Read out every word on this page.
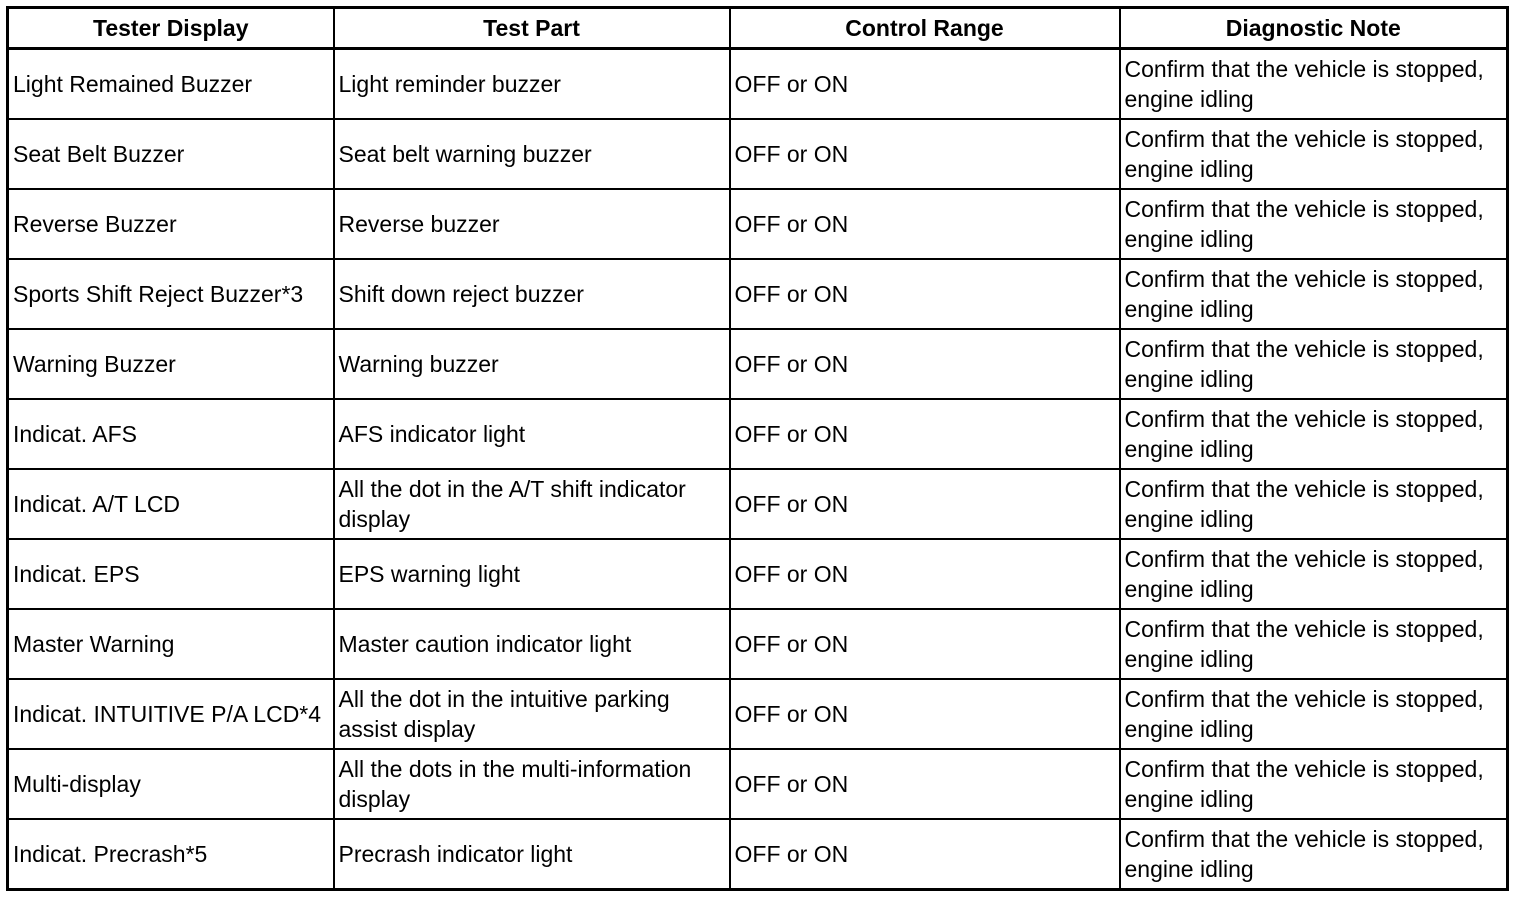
Tester Display	Test Part	Control Range	Diagnostic Note
Light Remained Buzzer	Light reminder buzzer	OFF or ON	Confirm that the vehicle is stopped, engine idling
Seat Belt Buzzer	Seat belt warning buzzer	OFF or ON	Confirm that the vehicle is stopped, engine idling
Reverse Buzzer	Reverse buzzer	OFF or ON	Confirm that the vehicle is stopped, engine idling
Sports Shift Reject Buzzer*3	Shift down reject buzzer	OFF or ON	Confirm that the vehicle is stopped, engine idling
Warning Buzzer	Warning buzzer	OFF or ON	Confirm that the vehicle is stopped, engine idling
Indicat. AFS	AFS indicator light	OFF or ON	Confirm that the vehicle is stopped, engine idling
Indicat. A/T LCD	All the dot in the A/T shift indicator display	OFF or ON	Confirm that the vehicle is stopped, engine idling
Indicat. EPS	EPS warning light	OFF or ON	Confirm that the vehicle is stopped, engine idling
Master Warning	Master caution indicator light	OFF or ON	Confirm that the vehicle is stopped, engine idling
Indicat. INTUITIVE P/A LCD*4	All the dot in the intuitive parking assist display	OFF or ON	Confirm that the vehicle is stopped, engine idling
Multi-display	All the dots in the multi-information display	OFF or ON	Confirm that the vehicle is stopped, engine idling
Indicat. Precrash*5	Precrash indicator light	OFF or ON	Confirm that the vehicle is stopped, engine idling
